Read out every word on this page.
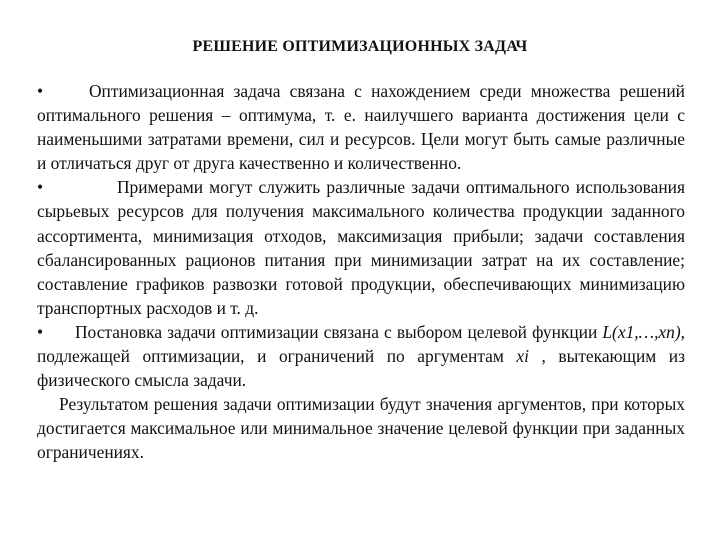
РЕШЕНИЕ ОПТИМИЗАЦИОННЫХ ЗАДАЧ

•	Оптимизационная задача связана с нахождением среди множества решений оптимального решения – оптимума, т. е. наилучшего варианта достижения цели с наименьшими затратами времени, сил и ресурсов. Цели могут быть самые различные и отличаться друг от друга качественно и количественно.

•	Примерами могут служить различные задачи оптимального использования сырьевых ресурсов для получения максимального количества продукции заданного ассортимента, минимизация отходов, максимизация прибыли; задачи составления сбалансированных рационов питания при минимизации затрат на их составление; составление графиков развозки готовой продукции, обеспечивающих минимизацию транспортных расходов и т. д.

• Постановка задачи оптимизации связана с выбором целевой функции L(x1,…,xn), подлежащей оптимизации, и ограничений по аргументам xi , вытекающим из физического смысла задачи.

Результатом решения задачи оптимизации будут значения аргументов, при которых достигается максимальное или минимальное значение целевой функции при заданных ограничениях.
